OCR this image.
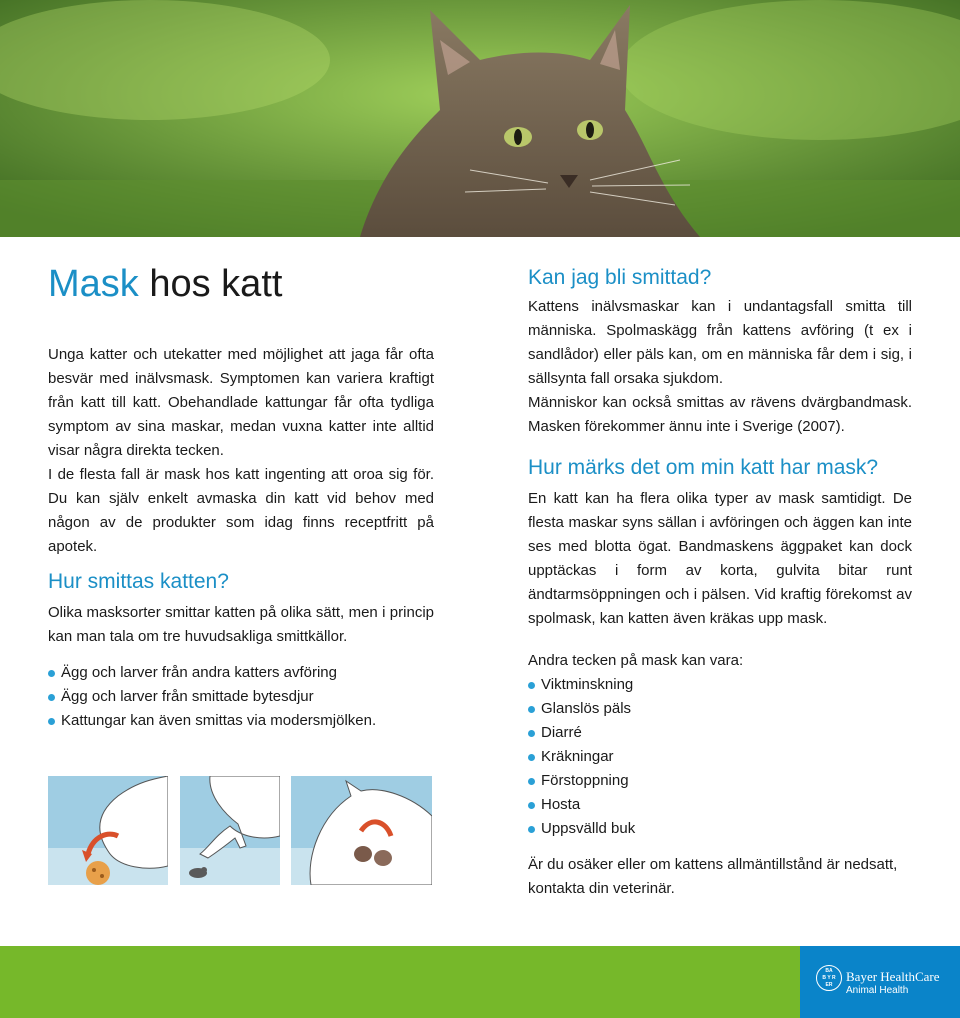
Mask hos katt

Unga katter och utekatter med möjlighet att jaga får ofta besvär med inälvsmask. Symptomen kan variera kraftigt från katt till katt. Obehandlade kattungar får ofta tydliga symptom av sina maskar, medan vuxna katter inte alltid visar några direkta tecken.

I de flesta fall är mask hos katt ingenting att oroa sig för. Du kan själv enkelt avmaska din katt vid behov med någon av de produkter som idag finns receptfritt på apotek.

Hur smittas katten?

Olika masksorter smittar katten på olika sätt, men i princip kan man tala om tre huvudsakliga smittkällor.

Ägg och larver från andra katters avföring
Ägg och larver från smittade bytesdjur
Kattungar kan även smittas via modersmjölken.
Kan jag bli smittad?

Kattens inälvsmaskar kan i undantagsfall smitta till människa. Spolmaskägg från kattens avföring (t ex i sandlådor) eller päls kan, om en människa får dem i sig, i sällsynta fall orsaka sjukdom.

Människor kan också smittas av rävens dvärgbandmask. Masken förekommer ännu inte i Sverige (2007).

Hur märks det om min katt har mask?

En katt kan ha flera olika typer av mask samtidigt. De flesta maskar syns sällan i avföringen och äggen kan inte ses med blotta ögat. Bandmaskens äggpaket kan dock upptäckas i form av korta, gulvita bitar runt ändtarmsöppningen och i pälsen. Vid kraftig förekomst av spolmask, kan katten även kräkas upp mask.

Andra tecken på mask kan vara:

Viktminskning
Glanslös päls
Diarré
Kräkningar
Förstoppning
Hosta
Uppsvälld buk

Är du osäker eller om kattens allmäntillstånd är nedsatt, kontakta din veterinär.

BA
B Y R
ER
Bayer HealthCare
Animal Health
